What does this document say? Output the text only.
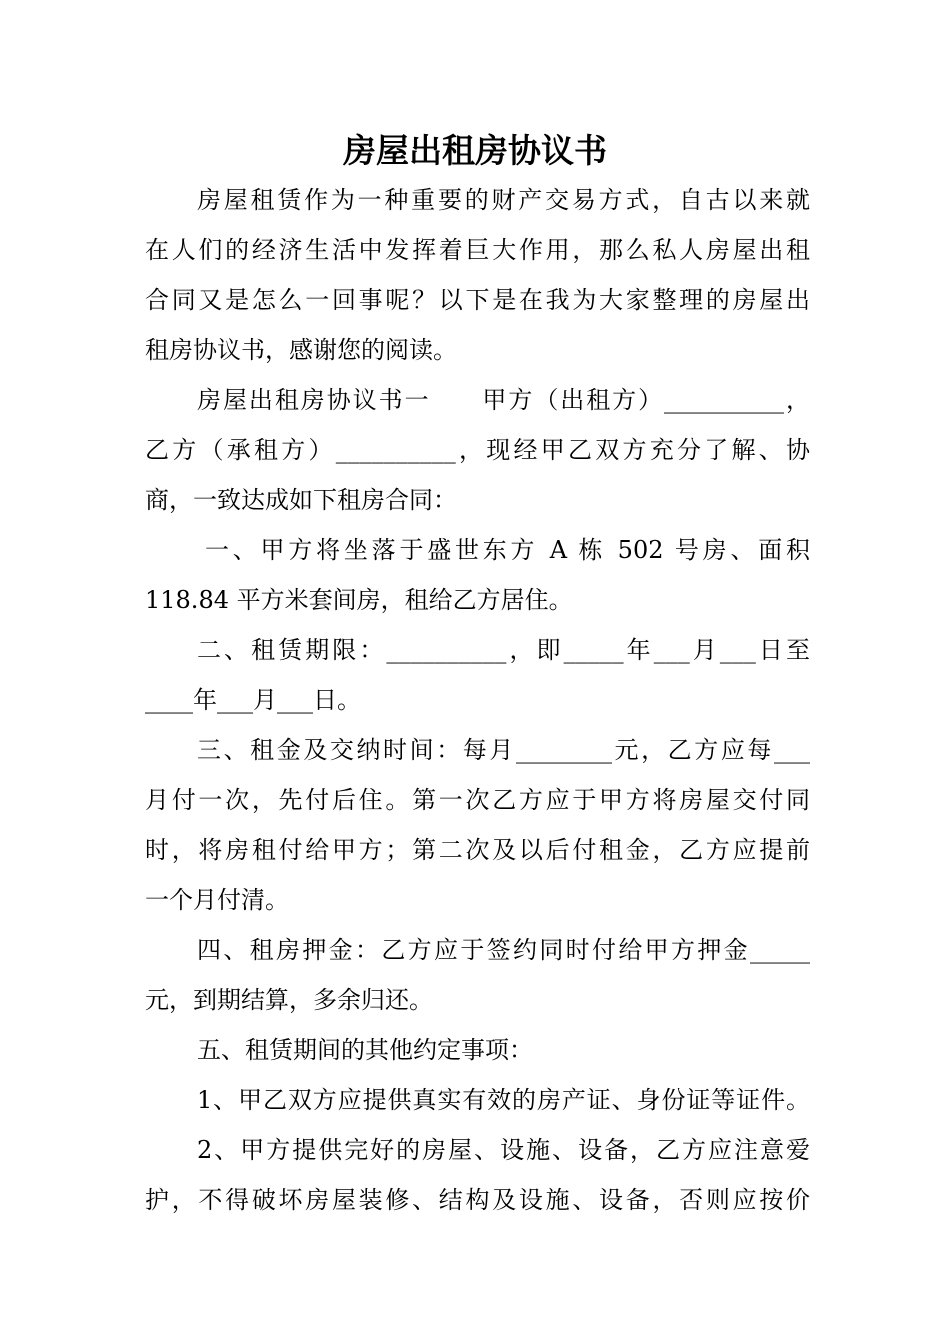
房屋出租房协议书
房屋租赁作为一种重要的财产交易方式，自古以来就
在人们的经济生活中发挥着巨大作用，那么私人房屋出租
合同又是怎么一回事呢？以下是在我为大家整理的房屋出
租房协议书，感谢您的阅读。
房屋出租房协议书一　　甲方（出租方）__________，
乙方（承租方）__________，现经甲乙双方充分了解、协
商，一致达成如下租房合同：
一、甲方将坐落于盛世东方 A 栋 502 号房、面积
118.84 平方米套间房，租给乙方居住。
二、租赁期限：__________，即_____年___月___日至
____年___月___日。
三、租金及交纳时间：每月________元，乙方应每___
月付一次，先付后住。第一次乙方应于甲方将房屋交付同
时，将房租付给甲方；第二次及以后付租金，乙方应提前
一个月付清。
四、租房押金：乙方应于签约同时付给甲方押金_____
元，到期结算，多余归还。
五、租赁期间的其他约定事项：
1、甲乙双方应提供真实有效的房产证、身份证等证件。
2、甲方提供完好的房屋、设施、设备，乙方应注意爱
护，不得破坏房屋装修、结构及设施、设备，否则应按价
